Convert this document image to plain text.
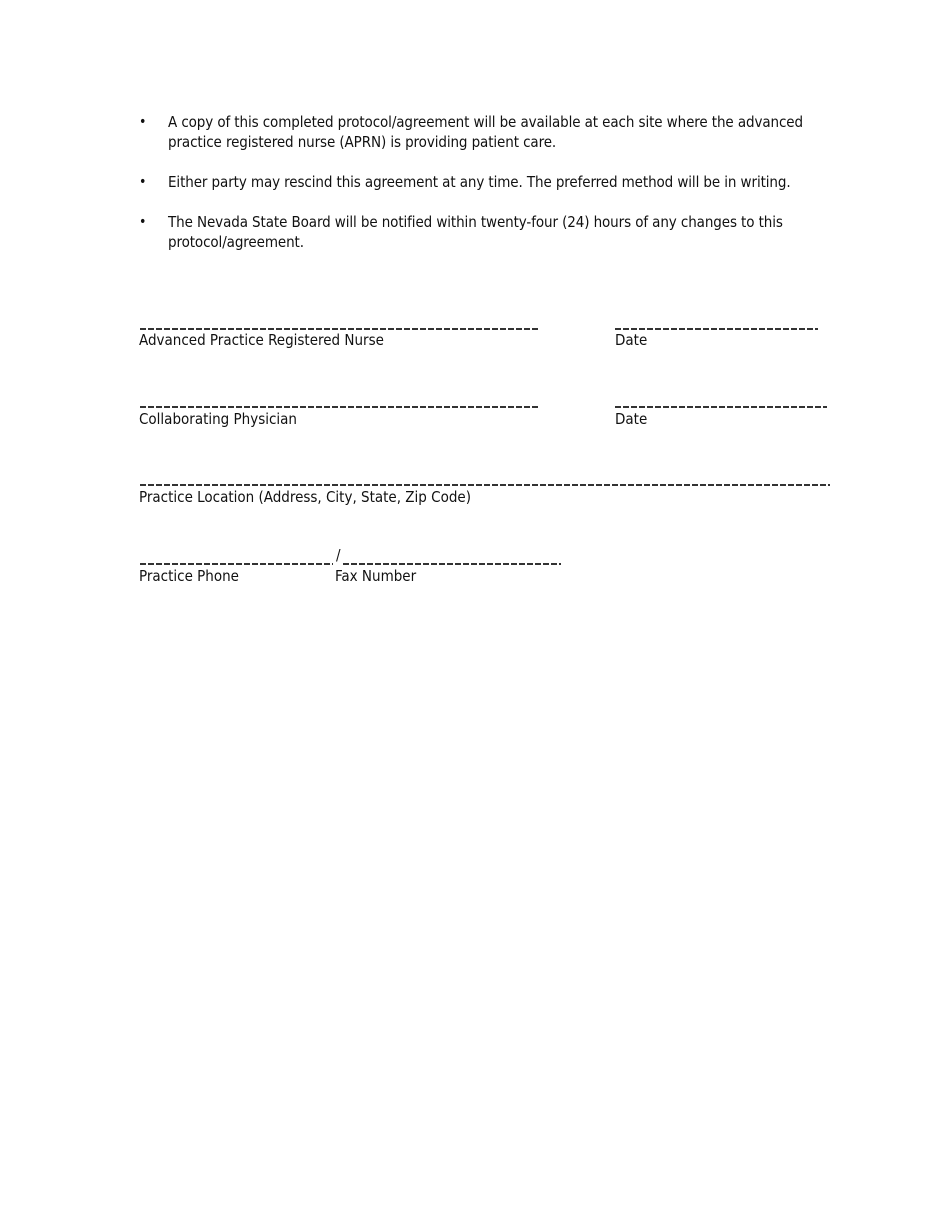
• A copy of this completed protocol/agreement will be available at each site where the advanced practice registered nurse (APRN) is providing patient care.
• Either party may rescind this agreement at any time. The preferred method will be in writing.
• The Nevada State Board will be notified within twenty-four (24) hours of any changes to this protocol/agreement.
Advanced Practice Registered Nurse	Date
Collaborating Physician	Date
Practice Location (Address, City, State, Zip Code)
/
Practice Phone	Fax Number
